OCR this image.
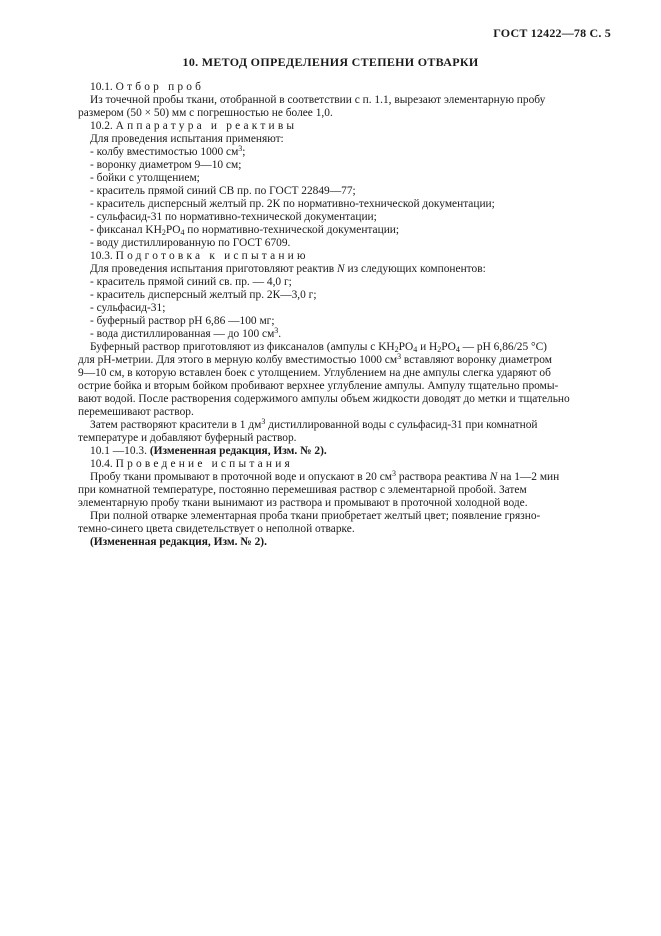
ГОСТ 12422—78 С. 5
10. МЕТОД ОПРЕДЕЛЕНИЯ СТЕПЕНИ ОТВАРКИ
10.1. Отбор проб
Из точечной пробы ткани, отобранной в соответствии с п. 1.1, вырезают элементарную пробу
размером (50 × 50) мм с погрешностью не более 1,0.
10.2. Аппаратура и реактивы
Для проведения испытания применяют:
- колбу вместимостью 1000 $см^3$;
- воронку диаметром 9—10 см;
- бойки с утолщением;
- краситель прямой синий СВ пр. по ГОСТ 22849—77;
- краситель дисперсный желтый пр. 2К по нормативно-технической документации;
- сульфасид-31 по нормативно-технической документации;
- фиксанал $KH_2PO_4$ по нормативно-технической документации;
- воду дистиллированную по ГОСТ 6709.
10.3. Подготовка к испытанию
Для проведения испытания приготовляют реактив N из следующих компонентов:
- краситель прямой синий св. пр. — 4,0 г;
- краситель дисперсный желтый пр. 2К—3,0 г;
- сульфасид-31;
- буферный раствор pH 6,86 —100 мг;
- вода дистиллированная — до 100 $см^3$.
Буферный раствор приготовляют из фиксаналов (ампулы с $KH_2PO_4$ и $H_2PO_4$ — pH 6,86/25 °C)
для pH-метрии. Для этого в мерную колбу вместимостью 1000 $см^3$ вставляют воронку диаметром
9—10 см, в которую вставлен боек с утолщением. Углублением на дне ампулы слегка ударяют об
острие бойка и вторым бойком пробивают верхнее углубление ампулы. Ампулу тщательно промы-
вают водой. После растворения содержимого ампулы объем жидкости доводят до метки и тщательно
перемешивают раствор.
Затем растворяют красители в 1 $дм^3$ дистиллированной воды с сульфасид-31 при комнатной
температуре и добавляют буферный раствор.
10.1 —10.3. (Измененная редакция, Изм. № 2).
10.4. Проведение испытания
Пробу ткани промывают в проточной воде и опускают в 20 $см^3$ раствора реактива N на 1—2 мин
при комнатной температуре, постоянно перемешивая раствор с элементарной пробой. Затем
элементарную пробу ткани вынимают из раствора и промывают в проточной холодной воде.
При полной отварке элементарная проба ткани приобретает желтый цвет; появление грязно-
темно-синего цвета свидетельствует о неполной отварке.
(Измененная редакция, Изм. № 2).
